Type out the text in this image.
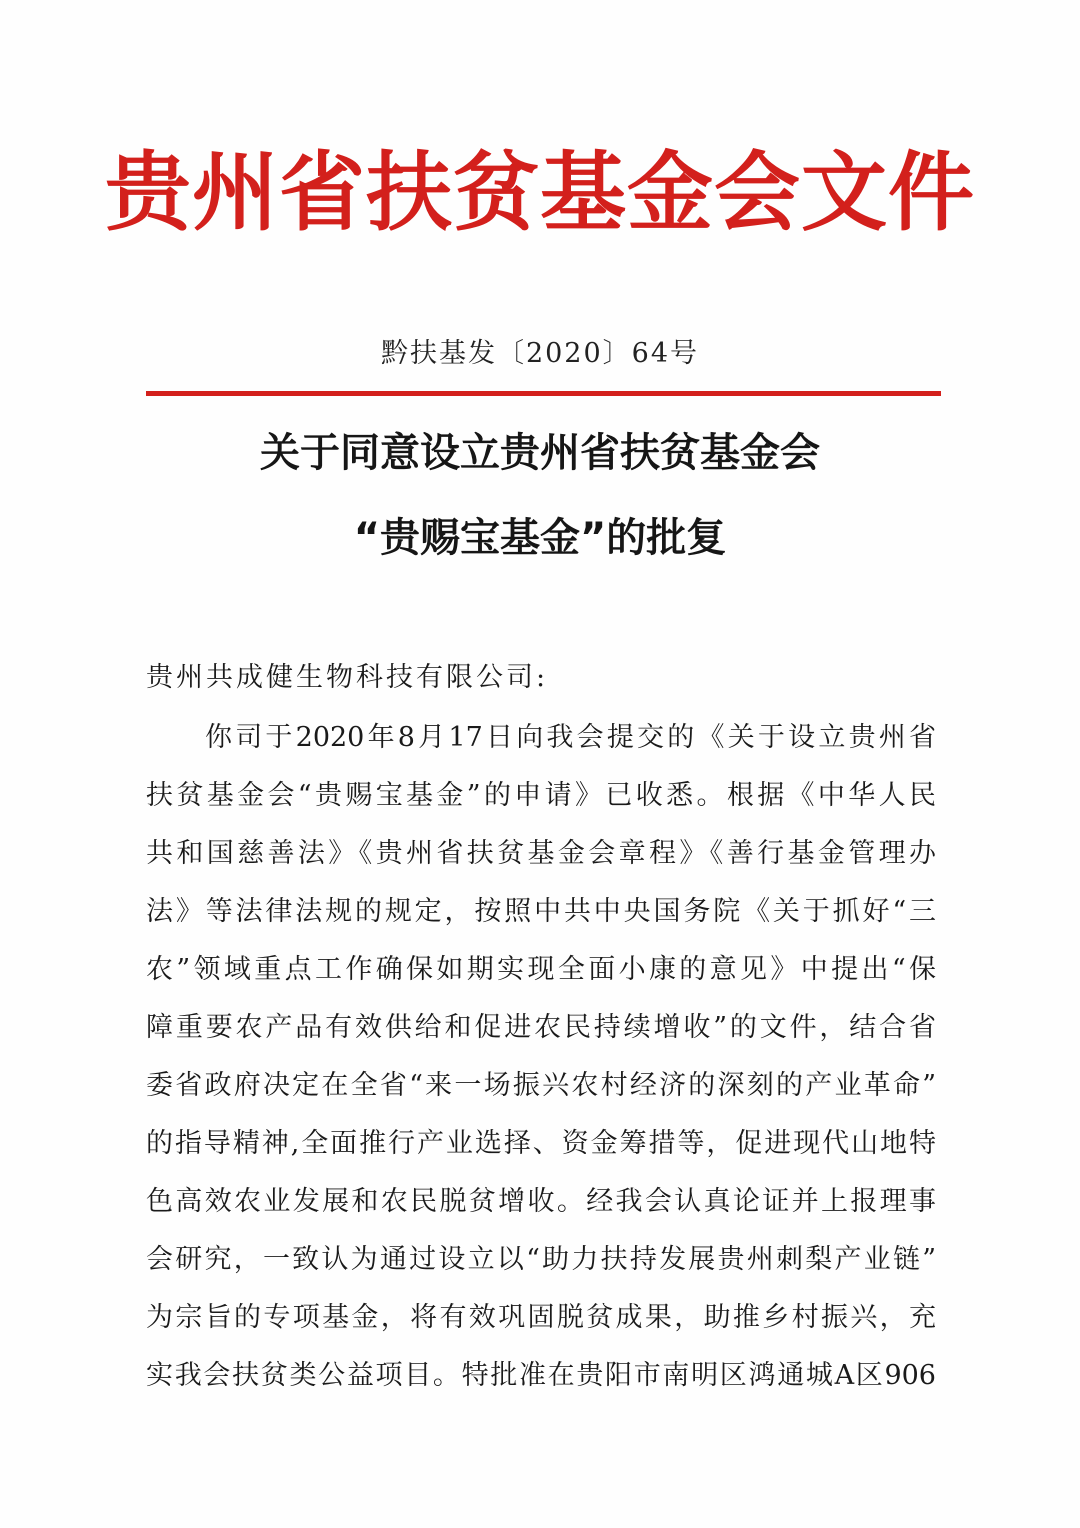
贵州省扶贫基金会文件
黔扶基发〔2020〕64号
关于同意设立贵州省扶贫基金会
“贵赐宝基金”的批复
贵州共成健生物科技有限公司:
你司于2020年8月17日向我会提交的《关于设立贵州省
扶贫基金会“贵赐宝基金”的申请》已收悉。根据《中华人民
共和国慈善法》《贵州省扶贫基金会章程》《善行基金管理办
法》等法律法规的规定，按照中共中央国务院《关于抓好“三
农”领域重点工作确保如期实现全面小康的意见》中提出“保
障重要农产品有效供给和促进农民持续增收”的文件，结合省
委省政府决定在全省“来一场振兴农村经济的深刻的产业革命”
的指导精神,全面推行产业选择、资金筹措等，促进现代山地特
色高效农业发展和农民脱贫增收。经我会认真论证并上报理事
会研究，一致认为通过设立以“助力扶持发展贵州刺梨产业链”
为宗旨的专项基金，将有效巩固脱贫成果，助推乡村振兴，充
实我会扶贫类公益项目。特批准在贵阳市南明区鸿通城A区906
